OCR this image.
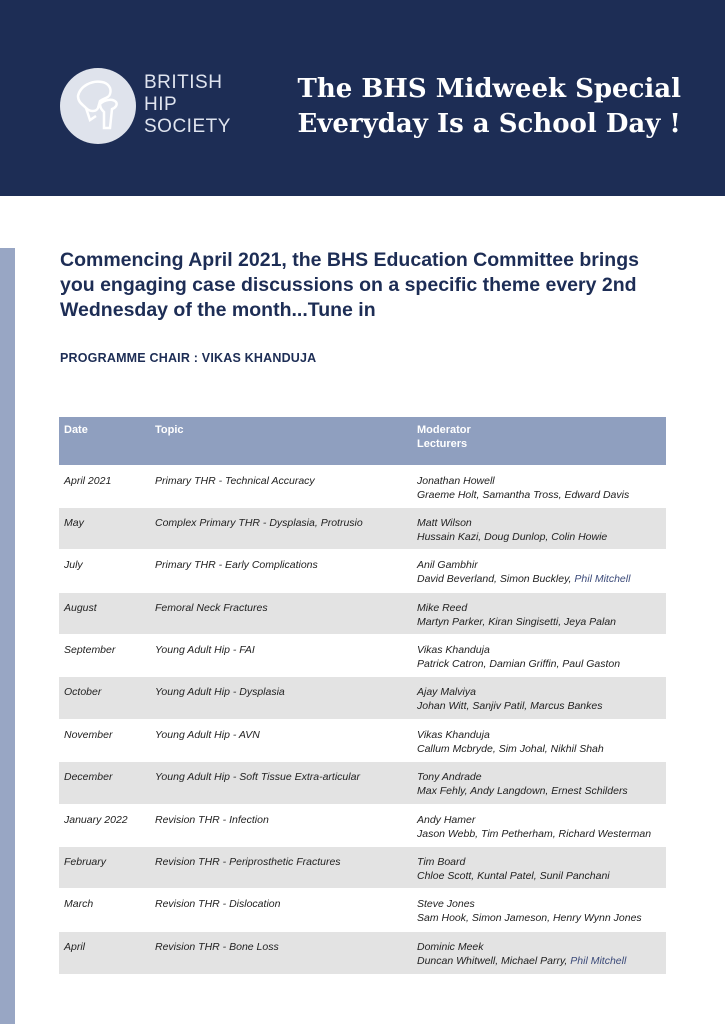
BRITISH
HIP
SOCIETY
The BHS Midweek Special
Everyday Is a School Day !
Commencing April 2021, the BHS Education Committee brings you engaging case discussions on a specific theme every 2nd Wednesday of the month...Tune in
PROGRAMME CHAIR : VIKAS KHANDUJA
Date	Topic	Moderator
Lecturers

April 2021	Primary THR - Technical Accuracy	Jonathan Howell
Graeme Holt, Samantha Tross, Edward Davis

May	Complex Primary THR - Dysplasia, Protrusio	Matt Wilson
Hussain Kazi, Doug Dunlop, Colin Howie

July	Primary THR - Early Complications	Anil Gambhir
David Beverland, Simon Buckley, Phil Mitchell

August	Femoral Neck Fractures	Mike Reed
Martyn Parker, Kiran Singisetti, Jeya Palan

September	Young Adult Hip - FAI	Vikas Khanduja
Patrick Catron, Damian Griffin, Paul Gaston

October	Young Adult Hip - Dysplasia	Ajay Malviya
Johan Witt, Sanjiv Patil, Marcus Bankes

November	Young Adult Hip - AVN	Vikas Khanduja
Callum Mcbryde, Sim Johal, Nikhil Shah

December	Young Adult Hip - Soft Tissue Extra-articular	Tony Andrade
Max Fehly, Andy Langdown, Ernest Schilders

January 2022	Revision THR - Infection	Andy Hamer
Jason Webb, Tim Petherham, Richard Westerman

February	Revision THR - Periprosthetic Fractures	Tim Board
Chloe Scott, Kuntal Patel, Sunil Panchani

March	Revision THR - Dislocation	Steve Jones
Sam Hook, Simon Jameson, Henry Wynn Jones

April	Revision THR - Bone Loss	Dominic Meek
Duncan Whitwell, Michael Parry, Phil Mitchell
